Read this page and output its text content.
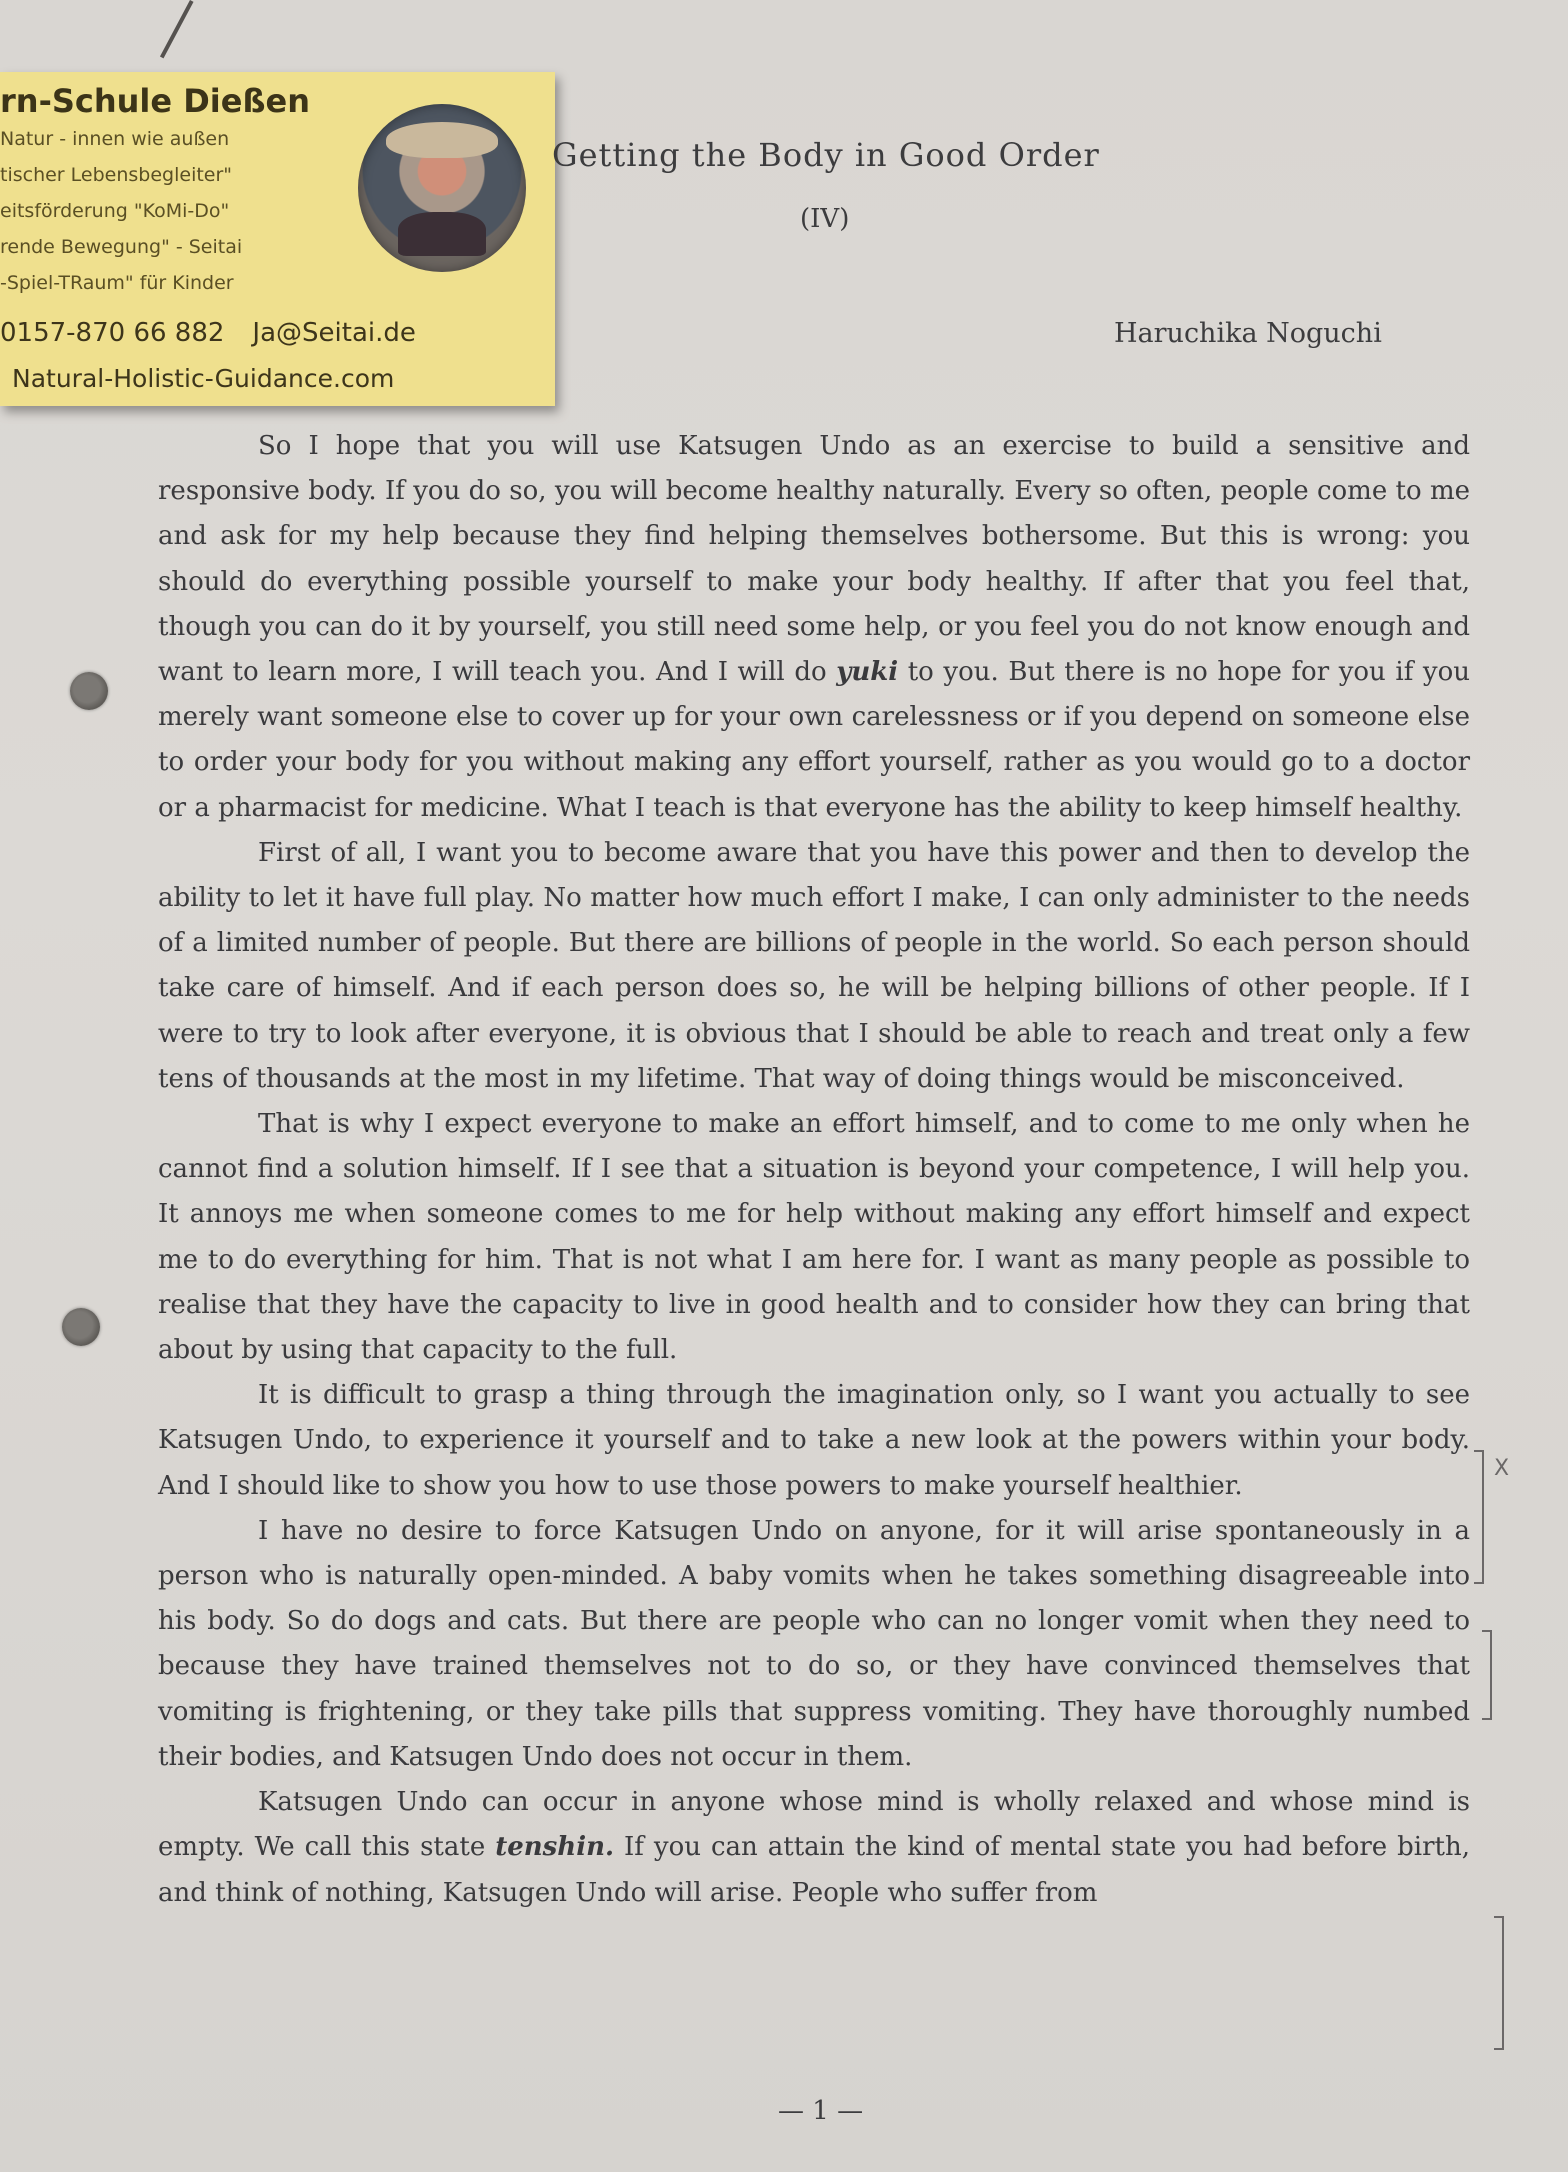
rn-Schule Dießen
Natur - innen wie außen
tischer Lebensbegleiter"
eitsförderung "KoMi-Do"
rende Bewegung" - Seitai
-Spiel-TRaum" für Kinder
0157-870 66 882 Ja@Seitai.de
Natural-Holistic-Guidance.com
Getting the Body in Good Order
(IV)
Haruchika Noguchi

So I hope that you will use Katsugen Undo as an exercise to build a sensitive and responsive body. If you do so, you will become healthy naturally. Every so often, people come to me and ask for my help because they find helping themselves bothersome. But this is wrong: you should do everything possible yourself to make your body healthy. If after that you feel that, though you can do it by yourself, you still need some help, or you feel you do not know enough and want to learn more, I will teach you. And I will do yuki to you. But there is no hope for you if you merely want someone else to cover up for your own carelessness or if you depend on someone else to order your body for you without making any effort yourself, rather as you would go to a doctor or a pharmacist for medicine. What I teach is that everyone has the ability to keep himself healthy.

First of all, I want you to become aware that you have this power and then to develop the ability to let it have full play. No matter how much effort I make, I can only administer to the needs of a limited number of people. But there are billions of people in the world. So each person should take care of himself. And if each person does so, he will be helping billions of other people. If I were to try to look after everyone, it is obvious that I should be able to reach and treat only a few tens of thousands at the most in my lifetime. That way of doing things would be misconceived.

That is why I expect everyone to make an effort himself, and to come to me only when he cannot find a solution himself. If I see that a situation is beyond your competence, I will help you. It annoys me when someone comes to me for help without making any effort himself and expect me to do everything for him. That is not what I am here for. I want as many people as possible to realise that they have the capacity to live in good health and to consider how they can bring that about by using that capacity to the full.

It is difficult to grasp a thing through the imagination only, so I want you actually to see Katsugen Undo, to experience it yourself and to take a new look at the powers within your body. And I should like to show you how to use those powers to make yourself healthier.

I have no desire to force Katsugen Undo on anyone, for it will arise spontaneously in a person who is naturally open-minded. A baby vomits when he takes something disagreeable into his body. So do dogs and cats. But there are people who can no longer vomit when they need to because they have trained themselves not to do so, or they have convinced themselves that vomiting is frightening, or they take pills that suppress vomiting. They have thoroughly numbed their bodies, and Katsugen Undo does not occur in them.

Katsugen Undo can occur in anyone whose mind is wholly relaxed and whose mind is empty. We call this state tenshin. If you can attain the kind of mental state you had before birth, and think of nothing, Katsugen Undo will arise. People who suffer from

X
— 1 —
